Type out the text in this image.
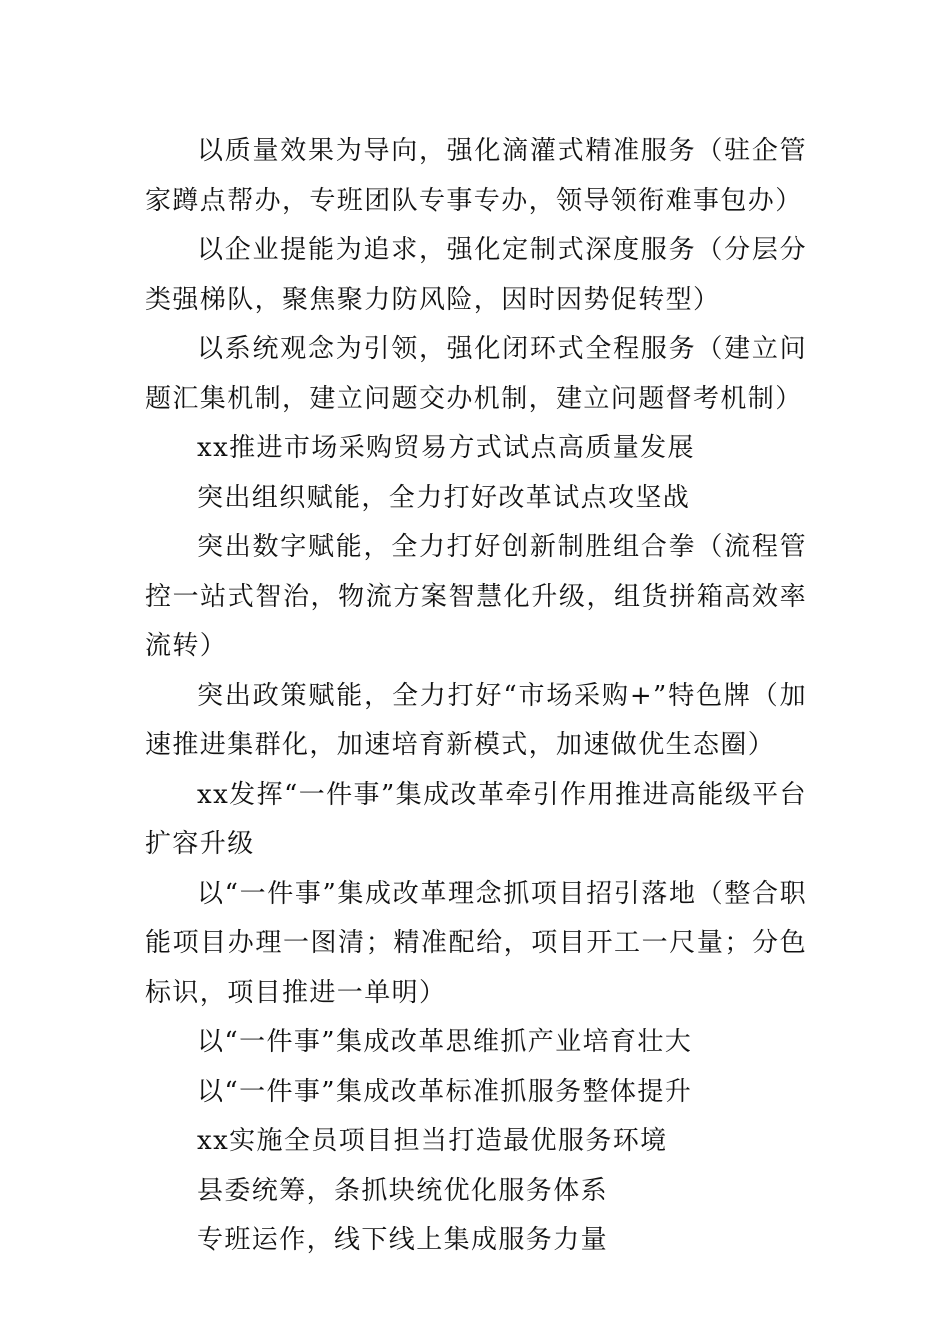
以质量效果为导向，强化滴灌式精准服务（驻企管家蹲点帮办，专班团队专事专办，领导领衔难事包办）

以企业提能为追求，强化定制式深度服务（分层分类强梯队，聚焦聚力防风险，因时因势促转型）

以系统观念为引领，强化闭环式全程服务（建立问题汇集机制，建立问题交办机制，建立问题督考机制）

xx推进市场采购贸易方式试点高质量发展

突出组织赋能，全力打好改革试点攻坚战

突出数字赋能，全力打好创新制胜组合拳（流程管控一站式智治，物流方案智慧化升级，组货拼箱高效率流转）

突出政策赋能，全力打好“市场采购+”特色牌（加速推进集群化，加速培育新模式，加速做优生态圈）

xx发挥“一件事”集成改革牵引作用推进高能级平台扩容升级

以“一件事”集成改革理念抓项目招引落地（整合职能项目办理一图清；精准配给，项目开工一尺量；分色标识，项目推进一单明）

以“一件事”集成改革思维抓产业培育壮大

以“一件事”集成改革标准抓服务整体提升

xx实施全员项目担当打造最优服务环境

县委统筹，条抓块统优化服务体系

专班运作，线下线上集成服务力量
